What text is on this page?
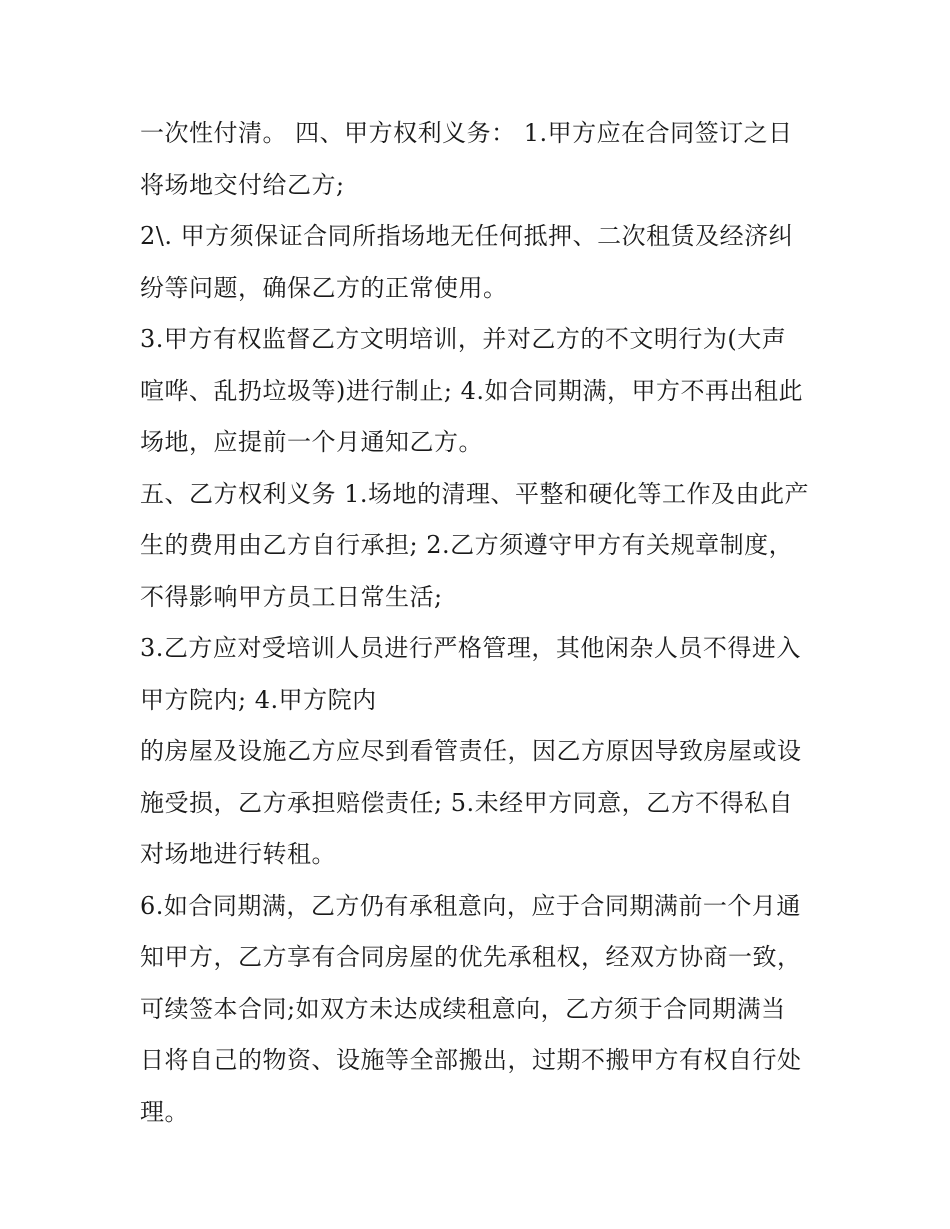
一次性付清。 四、甲方权利义务： 1.甲方应在合同签订之日
将场地交付给乙方;
2\. 甲方须保证合同所指场地无任何抵押、二次租赁及经济纠
纷等问题，确保乙方的正常使用。
3.甲方有权监督乙方文明培训，并对乙方的不文明行为(大声
喧哗、乱扔垃圾等)进行制止; 4.如合同期满，甲方不再出租此
场地，应提前一个月通知乙方。
五、乙方权利义务 1.场地的清理、平整和硬化等工作及由此产
生的费用由乙方自行承担; 2.乙方须遵守甲方有关规章制度，
不得影响甲方员工日常生活;
3.乙方应对受培训人员进行严格管理，其他闲杂人员不得进入
甲方院内; 4.甲方院内
的房屋及设施乙方应尽到看管责任，因乙方原因导致房屋或设
施受损，乙方承担赔偿责任; 5.未经甲方同意，乙方不得私自
对场地进行转租。
6.如合同期满，乙方仍有承租意向，应于合同期满前一个月通
知甲方，乙方享有合同房屋的优先承租权，经双方协商一致，
可续签本合同;如双方未达成续租意向，乙方须于合同期满当
日将自己的物资、设施等全部搬出，过期不搬甲方有权自行处
理。
